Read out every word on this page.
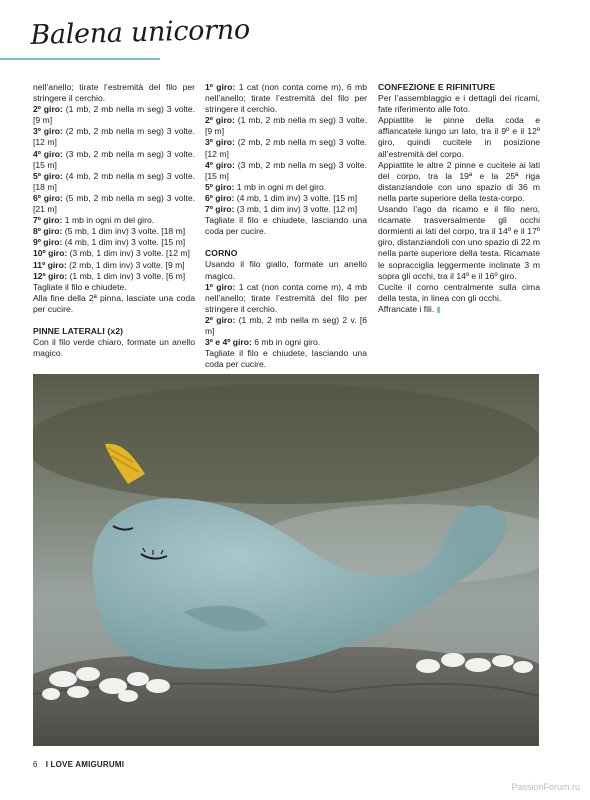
Balena unicorno

nell’anello; tirate l’estremità del filo per stringere il cerchio.

2º giro: (1 mb, 2 mb nella m seg) 3 volte. [9 m]

3º giro: (2 mb, 2 mb nella m seg) 3 volte. [12 m]

4º giro: (3 mb, 2 mb nella m seg) 3 volte. [15 m]

5º giro: (4 mb, 2 mb nella m seg) 3 volte. [18 m]

6º giro: (5 mb, 2 mb nella m seg) 3 volte. [21 m]

7º giro: 1 mb in ogni m del giro.

8º giro: (5 mb, 1 dim inv) 3 volte. [18 m]

9º giro: (4 mb, 1 dim inv) 3 volte. [15 m]

10º giro: (3 mb, 1 dim inv) 3 volte. [12 m]

11º giro: (2 mb, 1 dim inv) 3 volte. [9 m]

12º giro: (1 mb, 1 dim inv) 3 volte. [6 m]

Tagliate il filo e chiudete.

Alla fine della 2ª pinna, lasciate una coda per cucire.

PINNE LATERALI (x2)

Con il filo verde chiaro, formate un anello magico.

1º giro: 1 cat (non conta come m), 6 mb nell’anello; tirate l’estremità del filo per stringere il cerchio.

2º giro: (1 mb, 2 mb nella m seg) 3 volte. [9 m]

3º giro: (2 mb, 2 mb nella m seg) 3 volte. [12 m]

4º giro: (3 mb, 2 mb nella m seg) 3 volte. [15 m]

5º giro: 1 mb in ogni m del giro.

6º giro: (4 mb, 1 dim inv) 3 volte. [15 m]

7º giro: (3 mb, 1 dim inv) 3 volte. [12 m]

Tagliate il filo e chiudete, lasciando una coda per cucire.

CORNO

Usando il filo giallo, formate un anello magico.

1º giro: 1 cat (non conta come m), 4 mb nell’anello; tirate l’estremità del filo per stringere il cerchio.

2º giro: (1 mb, 2 mb nella m seg) 2 v. [6 m]

3º e 4º giro: 6 mb in ogni giro.

Tagliate il filo e chiudete, lasciando una coda per cucire.

CONFEZIONE E RIFINITURE

Per l’assemblaggio e i dettagli dei ricami, fate riferimento alle foto.

Appiattite le pinne della coda e affiancatele lungo un lato, tra il 9º e il 12º giro, quindi cucitele in posizione all’estremità del corpo.

Appiattite le altre 2 pinne e cucitele ai lati del corpo, tra la 19ª e la 25ª riga distanziandole con uno spazio di 36 m nella parte superiore della testa-corpo.

Usando l’ago da ricamo e il filo nero, ricamate trasversalmente gli occhi dormienti ai lati del corpo, tra il 14º e il 17º giro, distanziandoli con uno spazio di 22 m nella parte superiore della testa. Ricamate le sopracciglia leggermente inclinate 3 m sopra gli occhi, tra il 14º e il 16º giro.

Cucite il corno centralmente sulla cima della testa, in linea con gli occhi.

Affrancate i fili. ▮

6 I LOVE AMIGURUMI
PassionForum.ru
